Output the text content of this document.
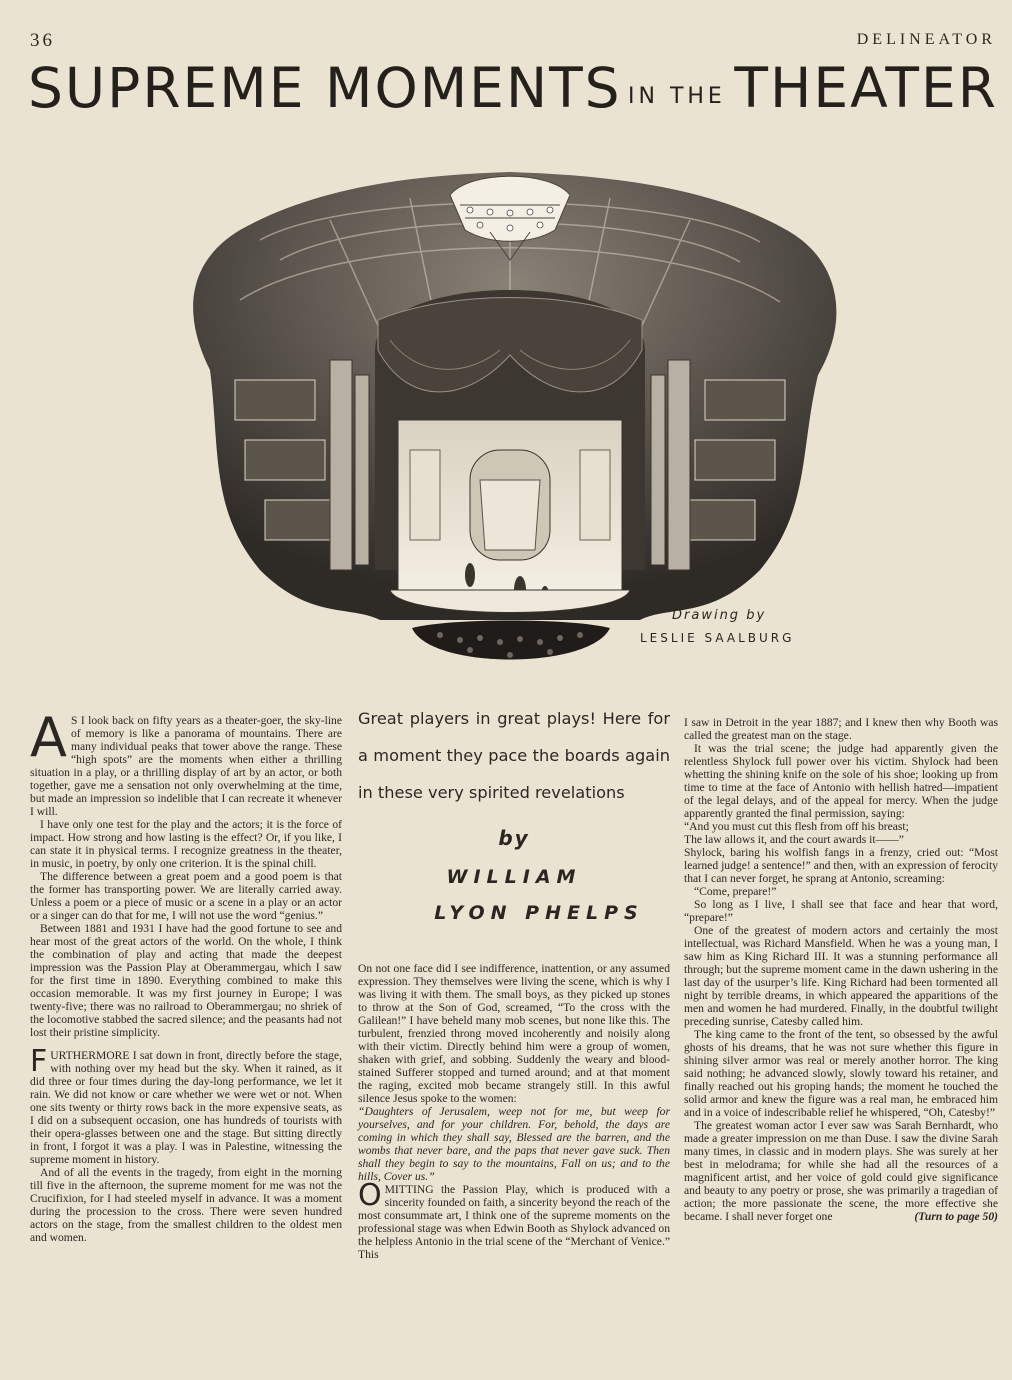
36	DELINEATOR
SUPREME MOMENTS IN THE THEATER
Drawing by
LESLIE SAALBURG

A S I look back on fifty years as a theater-goer, the sky-line of memory is like a panorama of mountains. There are many individual peaks that tower above the range. These “high spots” are the moments when either a thrilling situation in a play, or a thrilling display of art by an actor, or both together, gave me a sensation not only overwhelming at the time, but made an impression so indelible that I can recreate it whenever I will.

I have only one test for the play and the actors; it is the force of impact. How strong and how lasting is the effect? Or, if you like, I can state it in physical terms. I recognize greatness in the theater, in music, in poetry, by only one criterion. It is the spinal chill.

The difference between a great poem and a good poem is that the former has transporting power. We are literally carried away. Unless a poem or a piece of music or a scene in a play or an actor or a singer can do that for me, I will not use the word “genius.”

Between 1881 and 1931 I have had the good fortune to see and hear most of the great actors of the world. On the whole, I think the combination of play and acting that made the deepest impression was the Passion Play at Oberammergau, which I saw for the first time in 1890. Everything combined to make this occasion memorable. It was my first journey in Europe; I was twenty-five; there was no railroad to Oberammergau; no shriek of the locomotive stabbed the sacred silence; and the peasants had not lost their pristine simplicity.

FURTHERMORE I sat down in front, directly before the stage, with nothing over my head but the sky. When it rained, as it did three or four times during the day-long performance, we let it rain. We did not know or care whether we were wet or not. When one sits twenty or thirty rows back in the more expensive seats, as I did on a subsequent occasion, one has hundreds of tourists with their opera-glasses between one and the stage. But sitting directly in front, I forgot it was a play. I was in Palestine, witnessing the supreme moment in history.

And of all the events in the tragedy, from eight in the morning till five in the afternoon, the supreme moment for me was not the Crucifixion, for I had steeled myself in advance. It was a moment during the procession to the cross. There were seven hundred actors on the stage, from the smallest children to the oldest men and women.

Great players in great plays! Here for a moment they pace the boards again in these very spirited revelations
by
WILLIAM
LYON PHELPS

On not one face did I see indifference, inattention, or any assumed expression. They themselves were living the scene, which is why I was living it with them. The small boys, as they picked up stones to throw at the Son of God, screamed, “To the cross with the Galilean!” I have beheld many mob scenes, but none like this. The turbulent, frenzied throng moved incoherently and noisily along with their victim. Directly behind him were a group of women, shaken with grief, and sobbing. Suddenly the weary and blood-stained Sufferer stopped and turned around; and at that moment the raging, excited mob became strangely still. In this awful silence Jesus spoke to the women:

“Daughters of Jerusalem, weep not for me, but weep for yourselves, and for your children. For, behold, the days are coming in which they shall say, Blessed are the barren, and the wombs that never bare, and the paps that never gave suck. Then shall they begin to say to the mountains, Fall on us; and to the hills, Cover us.”

OMITTING the Passion Play, which is produced with a sincerity founded on faith, a sincerity beyond the reach of the most consummate art, I think one of the supreme moments on the professional stage was when Edwin Booth as Shylock advanced on the helpless Antonio in the trial scene of the “Merchant of Venice.” This

I saw in Detroit in the year 1887; and I knew then why Booth was called the greatest man on the stage.

It was the trial scene; the judge had apparently given the relentless Shylock full power over his victim. Shylock had been whetting the shining knife on the sole of his shoe; looking up from time to time at the face of Antonio with hellish hatred—impatient of the legal delays, and of the appeal for mercy. When the judge apparently granted the final permission, saying:

“And you must cut this flesh from off his breast;

The law allows it, and the court awards it——”

Shylock, baring his wolfish fangs in a frenzy, cried out: “Most learned judge! a sentence!” and then, with an expression of ferocity that I can never forget, he sprang at Antonio, screaming:

“Come, prepare!”

So long as I live, I shall see that face and hear that word, “prepare!”

One of the greatest of modern actors and certainly the most intellectual, was Richard Mansfield. When he was a young man, I saw him as King Richard III. It was a stunning performance all through; but the supreme moment came in the dawn ushering in the last day of the usurper’s life. King Richard had been tormented all night by terrible dreams, in which appeared the apparitions of the men and women he had murdered. Finally, in the doubtful twilight preceding sunrise, Catesby called him.

The king came to the front of the tent, so obsessed by the awful ghosts of his dreams, that he was not sure whether this figure in shining silver armor was real or merely another horror. The king said nothing; he advanced slowly, slowly toward his retainer, and finally reached out his groping hands; the moment he touched the solid armor and knew the figure was a real man, he embraced him and in a voice of indescribable relief he whispered, “Oh, Catesby!”

The greatest woman actor I ever saw was Sarah Bernhardt, who made a greater impression on me than Duse. I saw the divine Sarah many times, in classic and in modern plays. She was surely at her best in melodrama; for while she had all the resources of a magnificent artist, and her voice of gold could give significance and beauty to any poetry or prose, she was primarily a tragedian of action; the more passionate the scene, the more effective she became. I shall never forget one	(Turn to page 50)
